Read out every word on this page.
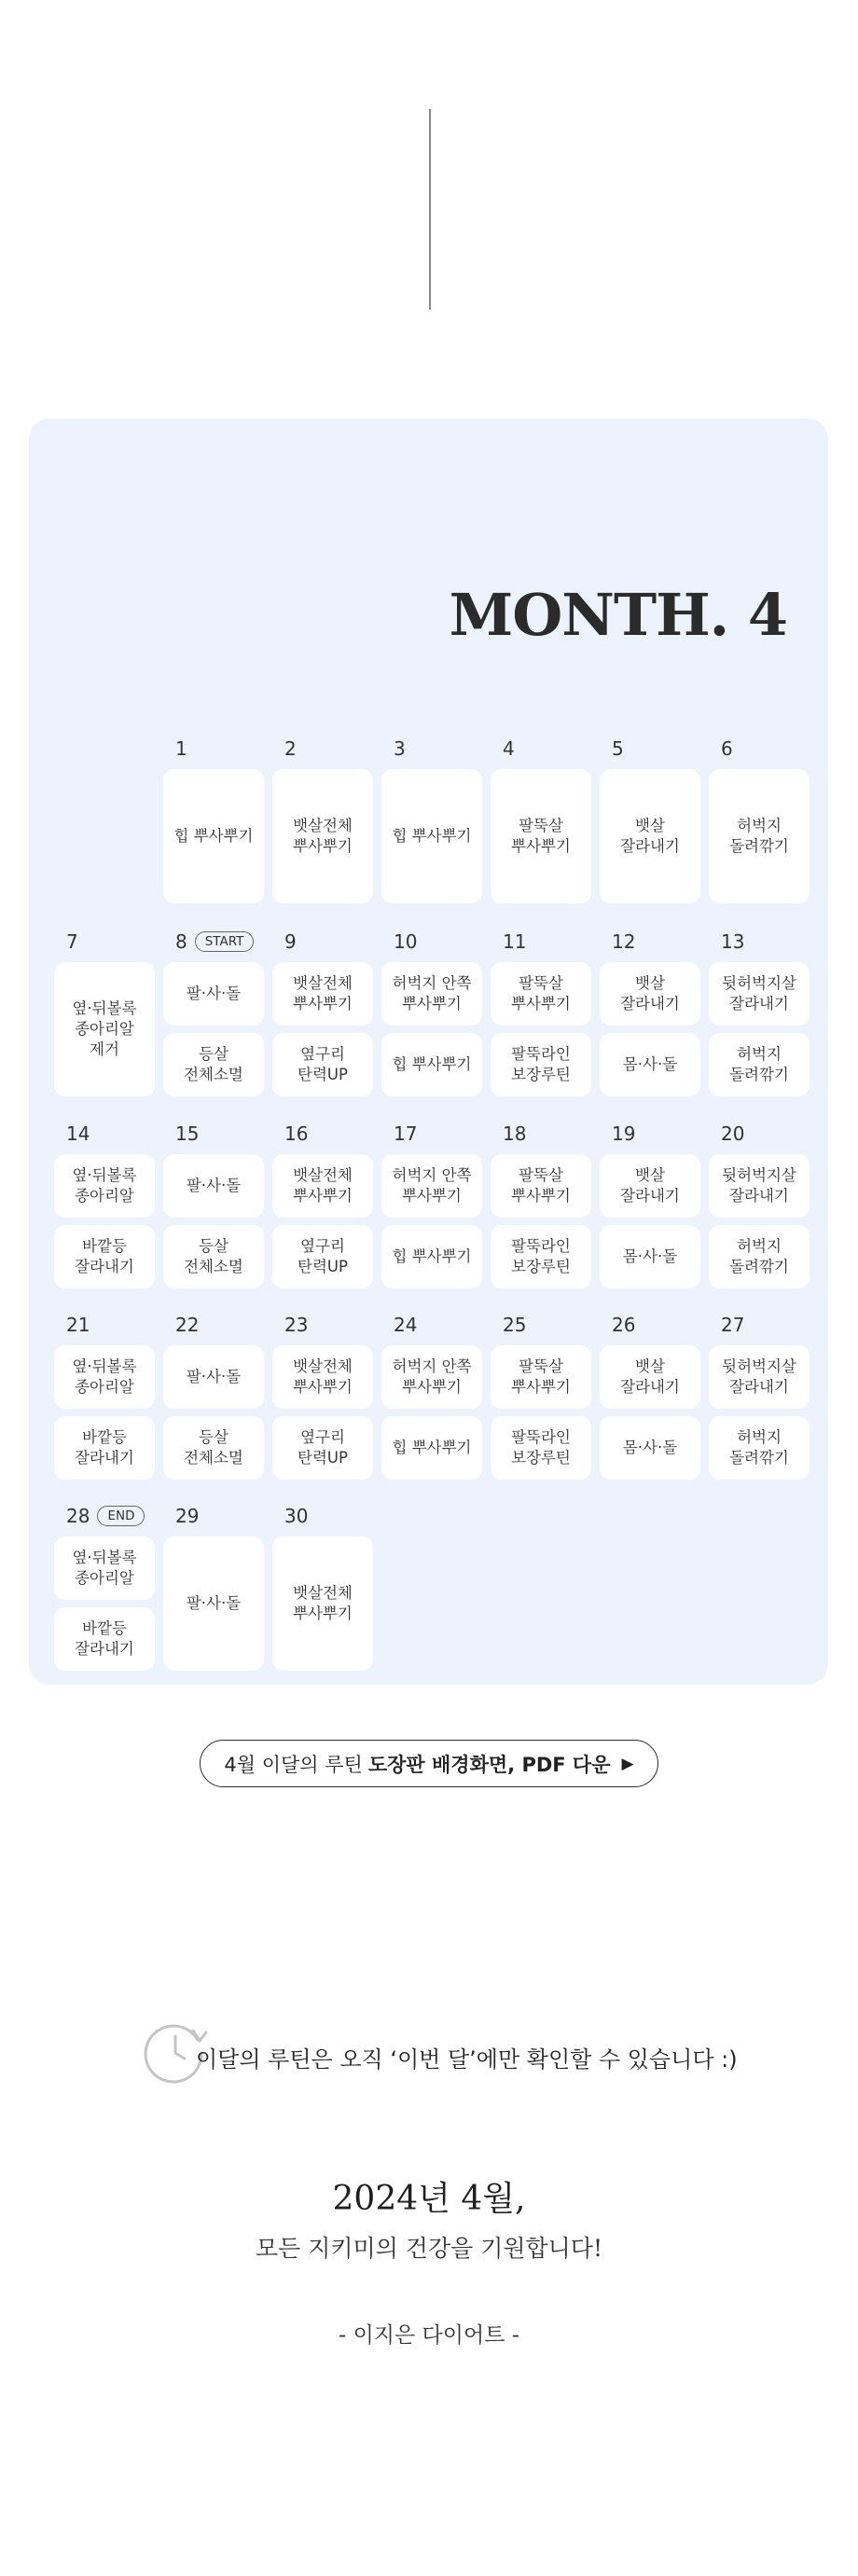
MONTH. 4
1
힙 뿌사뿌기
2
뱃살전체
뿌사뿌기
3
힙 뿌사뿌기
4
팔뚝살
뿌사뿌기
5
뱃살
잘라내기
6
허벅지
돌려깎기
7
옆·뒤볼록
종아리알
제거
8	START
팔·사·돌
등살
전체소멸
9
뱃살전체
뿌사뿌기
옆구리
탄력UP
10
허벅지 안쪽
뿌사뿌기
힙 뿌사뿌기
11
팔뚝살
뿌사뿌기
팔뚝라인
보장루틴
12
뱃살
잘라내기
몸·사·돌
13
뒷허벅지살
잘라내기
허벅지
돌려깎기
14
옆·뒤볼록
종아리알
바깥등
잘라내기
15
팔·사·돌
등살
전체소멸
16
뱃살전체
뿌사뿌기
옆구리
탄력UP
17
허벅지 안쪽
뿌사뿌기
힙 뿌사뿌기
18
팔뚝살
뿌사뿌기
팔뚝라인
보장루틴
19
뱃살
잘라내기
몸·사·돌
20
뒷허벅지살
잘라내기
허벅지
돌려깎기
21
옆·뒤볼록
종아리알
바깥등
잘라내기
22
팔·사·돌
등살
전체소멸
23
뱃살전체
뿌사뿌기
옆구리
탄력UP
24
허벅지 안쪽
뿌사뿌기
힙 뿌사뿌기
25
팔뚝살
뿌사뿌기
팔뚝라인
보장루틴
26
뱃살
잘라내기
몸·사·돌
27
뒷허벅지살
잘라내기
허벅지
돌려깎기
28	END
옆·뒤볼록
종아리알
바깥등
잘라내기
29
팔·사·돌
30
뱃살전체
뿌사뿌기
4월 이달의 루틴 도장판 배경화면, PDF 다운 ▶
이달의 루틴은 오직 ‘이번 달’에만 확인할 수 있습니다 :)
2024년 4월,
모든 지키미의 건강을 기원합니다!
- 이지은 다이어트 -
